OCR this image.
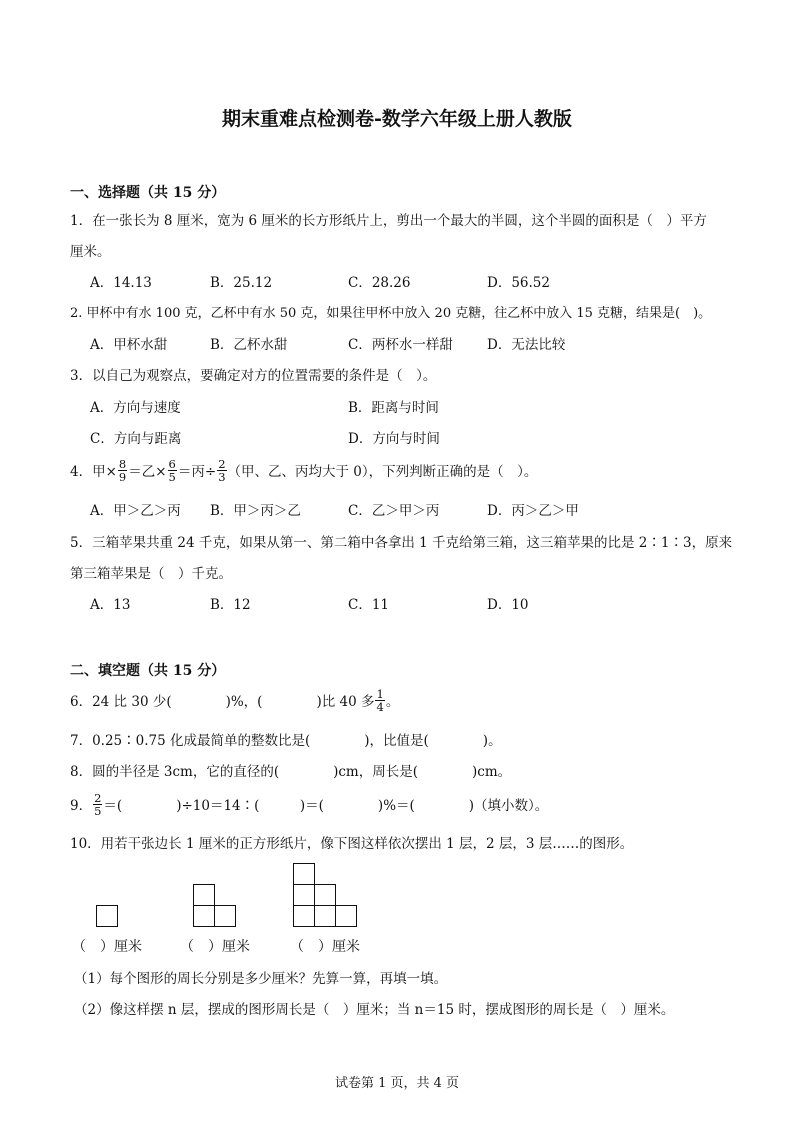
期末重难点检测卷-数学六年级上册人教版
一、选择题（共 15 分）
1．在一张长为 8 厘米，宽为 6 厘米的长方形纸片上，剪出一个最大的半圆，这个半圆的面积是（　）平方
厘米。
A．14.13	B．25.12	C．28.26	D．56.52
2. 甲杯中有水 100 克，乙杯中有水 50 克，如果往甲杯中放入 20 克糖，往乙杯中放入 15 克糖，结果是(　)。
A．甲杯水甜	B．乙杯水甜	C．两杯水一样甜	D．无法比较
3．以自己为观察点，要确定对方的位置需要的条件是（　）。
A．方向与速度	B．距离与时间
C．方向与距离	D．方向与时间
4．甲× $\frac{8}{9}$ ＝乙× $\frac{6}{5}$ ＝丙÷ $\frac{2}{3}$ （甲、乙、丙均大于 0），下列判断正确的是（　）。
A．甲＞乙＞丙 B．甲＞丙＞乙	C．乙＞甲＞丙	D．丙＞乙＞甲
5．三箱苹果共重 24 千克，如果从第一、第二箱中各拿出 1 千克给第三箱，这三箱苹果的比是 2∶1∶3，原来
第三箱苹果是（　）千克。
A．13	B．12	C．11	D．10
二、填空题（共 15 分）
6．24 比 30 少(　　　　)%，(　　　　)比 40 多 $\frac{1}{4}$ 。
7．0.25∶0.75 化成最简单的整数比是(　　　　)，比值是(　　　　)。
8．圆的半径是 3cm，它的直径的(　　　　)cm，周长是(　　　　)cm。
9． $\frac{2}{5}$ ＝(　　　　)÷10＝14∶(　　　)＝(　　　　)%＝(　　　　)（填小数）。
10．用若干张边长 1 厘米的正方形纸片，像下图这样依次摆出 1 层，2 层，3 层……的图形。
（　）厘米	（　）厘米	（　）厘米
（1）每个图形的周长分别是多少厘米？先算一算，再填一填。
（2）像这样摆 n 层，摆成的图形周长是（　）厘米；当 n＝15 时，摆成图形的周长是（　）厘米。
试卷第 1 页，共 4 页
